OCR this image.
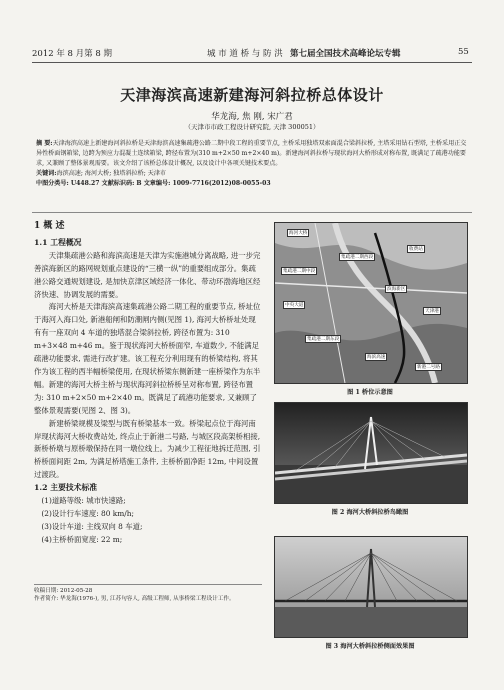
2012 年 8 月第 8 期	城 市 道 桥 与 防 洪 第七届全国技术高峰论坛专辑	55
天津海滨高速新建海河斜拉桥总体设计
华龙海, 焦 刚, 宋广君
（天津市市政工程设计研究院, 天津 300051）
摘 要:天津海滨高速上新建海河斜拉桥是天津海滨高速集疏港公路二期中段工程的重要节点, 主桥采用独塔双索面混合梁斜拉桥, 主塔采用钻石型塔, 主桥采用正交异性桥面钢箱梁, 边跨为预应力混凝土连续箱梁, 跨径布置为(310 m+2×50 m+2×40 m)。新建海河斜拉桥与现状海河大桥形成对称布置, 既满足了疏港功能要求, 又兼顾了整体景观需要。该文介绍了该桥总体设计概况, 以及设计中各项关键技术要点。
关键词:海滨高速; 海河大桥; 独塔斜拉桥; 天津市
中图分类号: U448.27 文献标识码: B 文章编号: 1009-7716(2012)08-0055-03
1 概 述
1.1 工程概况

天津集疏港公路和海滨高速是天津为实施港城分离战略, 进一步完善滨海新区的路网规划重点建设的“三横一纵”的重要组成部分。集疏港公路交通规划建设, 是加快京津区域经济一体化、带动环渤海地区经济快速、协调发展的需要。

海河大桥是天津海滨高速集疏港公路二期工程的重要节点, 桥址位于海河入海口处, 新港船闸和防潮闸内侧(见图 1), 海河大桥桥址处现有有一座双向 4 车道的独塔混合梁斜拉桥, 跨径布置为: 310 m+3×48 m+46 m。鉴于现状海河大桥桥面窄, 车道数少, 不能满足疏港功能要求, 需进行改扩建。该工程充分利用现有的桥梁结构, 将其作为该工程的西半幅桥梁使用, 在现状桥梁东侧新建一座桥梁作为东半幅。新建的海河大桥主桥与现状海河斜拉桥桥呈对称布置, 跨径布置为: 310 m+2×50 m+2×40 m。既满足了疏港功能要求, 又兼顾了整体景观需要(见图 2、图 3)。

新建桥梁规模及梁型与既有桥梁基本一致。桥梁起点位于海河南岸现状海河大桥收费站处, 终点止于新港二号路, 与城区段高架桥相接, 新桥桥墩与原桥墩保持在同一墩位线上。为减少工程征地拆迁范围, 引桥桥面间距 2m, 为满足桥塔施工条件, 主桥桥面净距 12m, 中间设置过渡段。

1.2 主要技术标准

(1)道路等级: 城市快速路;

(2)设计行车速度: 80 km/h;

(3)设计车道: 主线双向 8 车道;

(4)主桥桥面宽度: 22 m;

收稿日期: 2012-05-28
作者简介: 华龙海(1976-), 男, 江苏句容人, 高级工程师, 从事桥梁工程设计工作。
海河大桥
收费站
集疏港二期中段
集疏港二期西段
中央大道
滨海新区
天津港
集疏港二期东段
海滨高速
新港二号路
图 1 桥位示意图
图 2 海河大桥斜拉桥鸟瞰图
图 3 海河大桥斜拉桥侧面效果图
